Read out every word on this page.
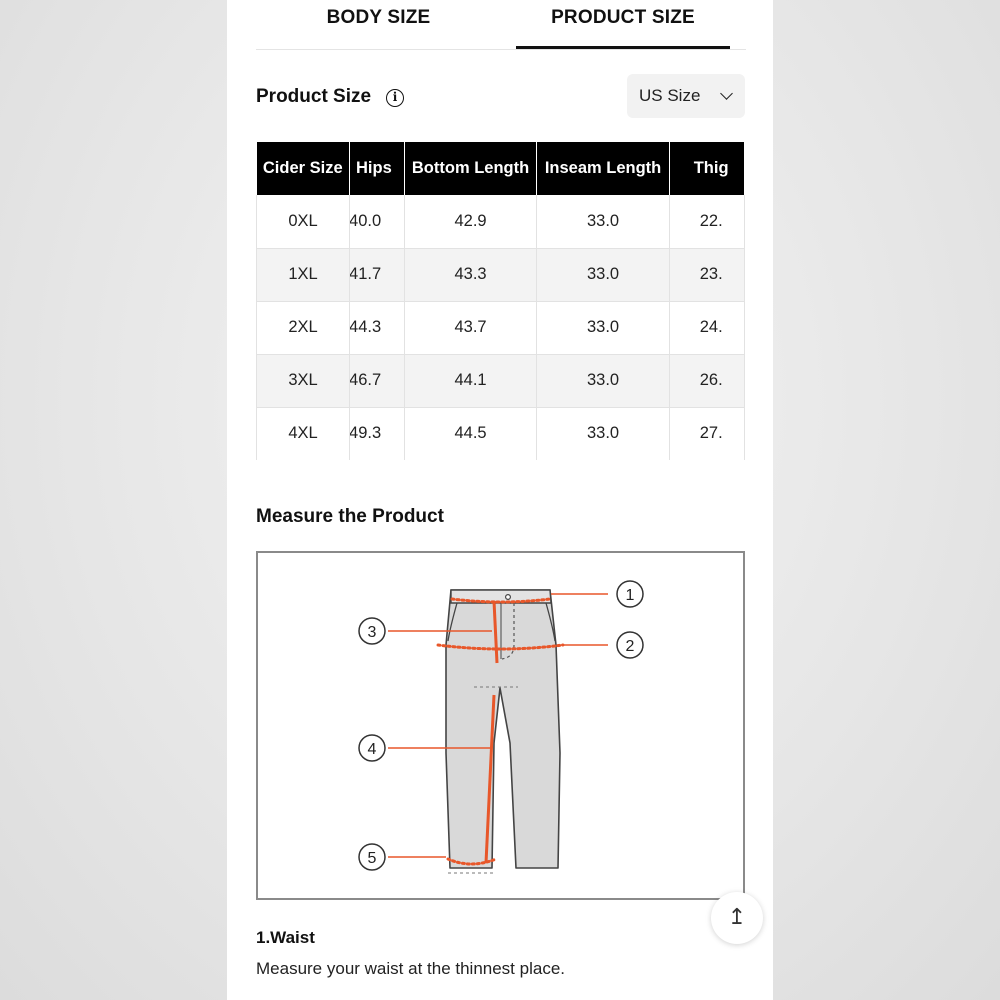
BODY SIZE	PRODUCT SIZE
Product Size	i	US Size
Cider Size	Hips	Bottom Length	Inseam Length	Thig
0XL	40.0	42.9	33.0	22.
1XL	41.7	43.3	33.0	23.
2XL	44.3	43.7	33.0	24.
3XL	46.7	44.1	33.0	26.
4XL	49.3	44.5	33.0	27.
Measure the Product
1
2
3
4
5
↥
1.Waist
Measure your waist at the thinnest place.
